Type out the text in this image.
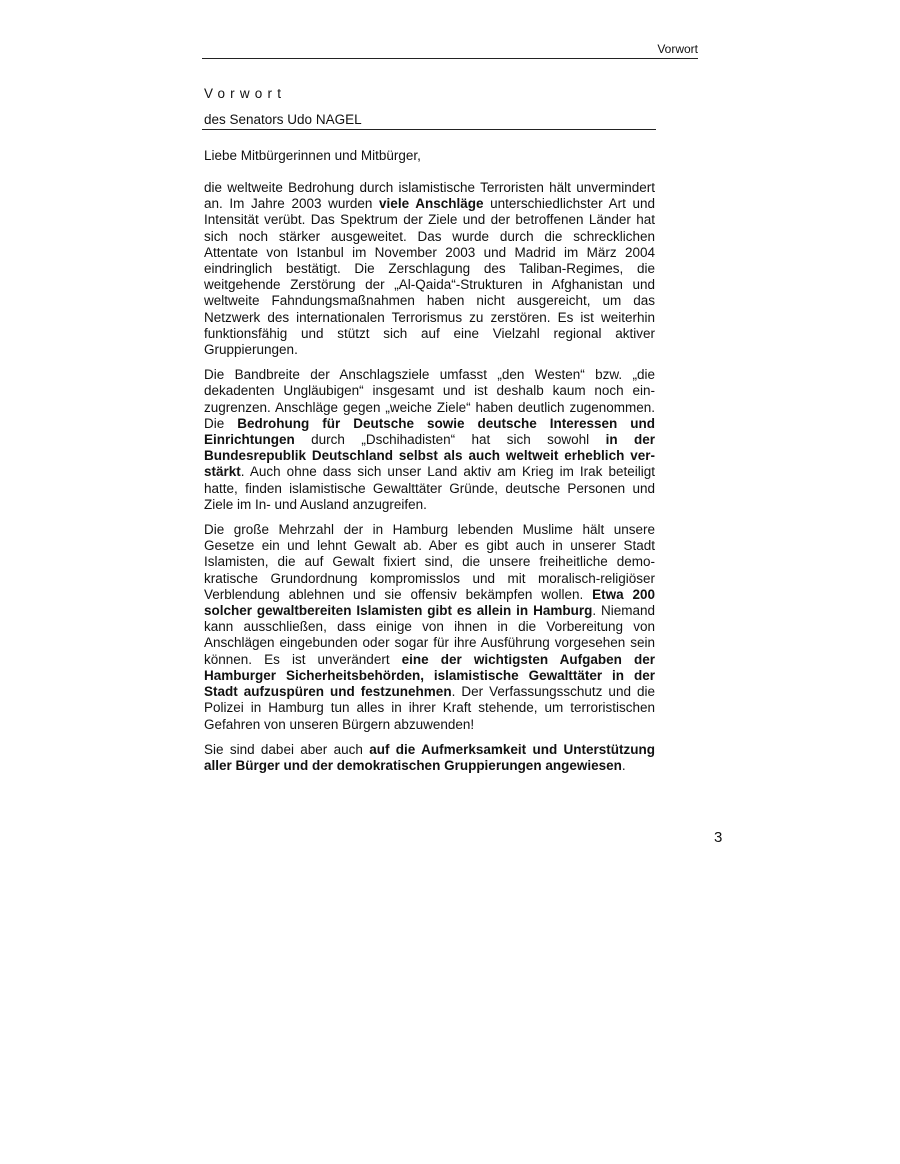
Vorwort
Vorwort
des Senators Udo NAGEL
Liebe Mitbürgerinnen und Mitbürger,

die weltweite Bedrohung durch islamistische Terroristen hält unvermindert an. Im Jahre 2003 wurden viele Anschläge unterschiedlichster Art und Intensität verübt. Das Spektrum der Ziele und der betroffenen Länder hat sich noch stärker ausgeweitet. Das wurde durch die schrecklichen Attentate von Istanbul im November 2003 und Madrid im März 2004 eindringlich bestätigt. Die Zerschlagung des Taliban-Regimes, die weitgehende Zerstörung der „Al-Qaida“-Strukturen in Afghanistan und weltweite Fahndungsmaßnahmen haben nicht ausgereicht, um das Netzwerk des internationalen Terrorismus zu zerstören. Es ist weiterhin funktionsfähig und stützt sich auf eine Vielzahl regional aktiver Gruppierungen.

Die Bandbreite der Anschlagsziele umfasst „den Westen“ bzw. „die dekadenten Ungläubigen“ insgesamt und ist deshalb kaum noch einzugrenzen. Anschläge gegen „weiche Ziele“ haben deutlich zugenommen. Die Bedrohung für Deutsche sowie deutsche Interessen und Einrichtungen durch „Dschihadisten“ hat sich sowohl in der Bundesrepublik Deutschland selbst als auch weltweit erheblich verstärkt. Auch ohne dass sich unser Land aktiv am Krieg im Irak beteiligt hatte, finden islamistische Gewalttäter Gründe, deutsche Personen und Ziele im In- und Ausland anzugreifen.

Die große Mehrzahl der in Hamburg lebenden Muslime hält unsere Gesetze ein und lehnt Gewalt ab. Aber es gibt auch in unserer Stadt Islamisten, die auf Gewalt fixiert sind, die unsere freiheitliche demokratische Grundordnung kompromisslos und mit moralisch-religiöser Verblendung ablehnen und sie offensiv bekämpfen wollen. Etwa 200 solcher gewaltbereiten Islamisten gibt es allein in Hamburg. Niemand kann ausschließen, dass einige von ihnen in die Vorbereitung von Anschlägen eingebunden oder sogar für ihre Ausführung vorgesehen sein können. Es ist unverändert eine der wichtigsten Aufgaben der Hamburger Sicherheitsbehörden, islamistische Gewalttäter in der Stadt aufzuspüren und festzunehmen. Der Verfassungsschutz und die Polizei in Hamburg tun alles in ihrer Kraft stehende, um terroristischen Gefahren von unseren Bürgern abzuwenden!

Sie sind dabei aber auch auf die Aufmerksamkeit und Unterstützung aller Bürger und der demokratischen Gruppierungen angewiesen.

3
